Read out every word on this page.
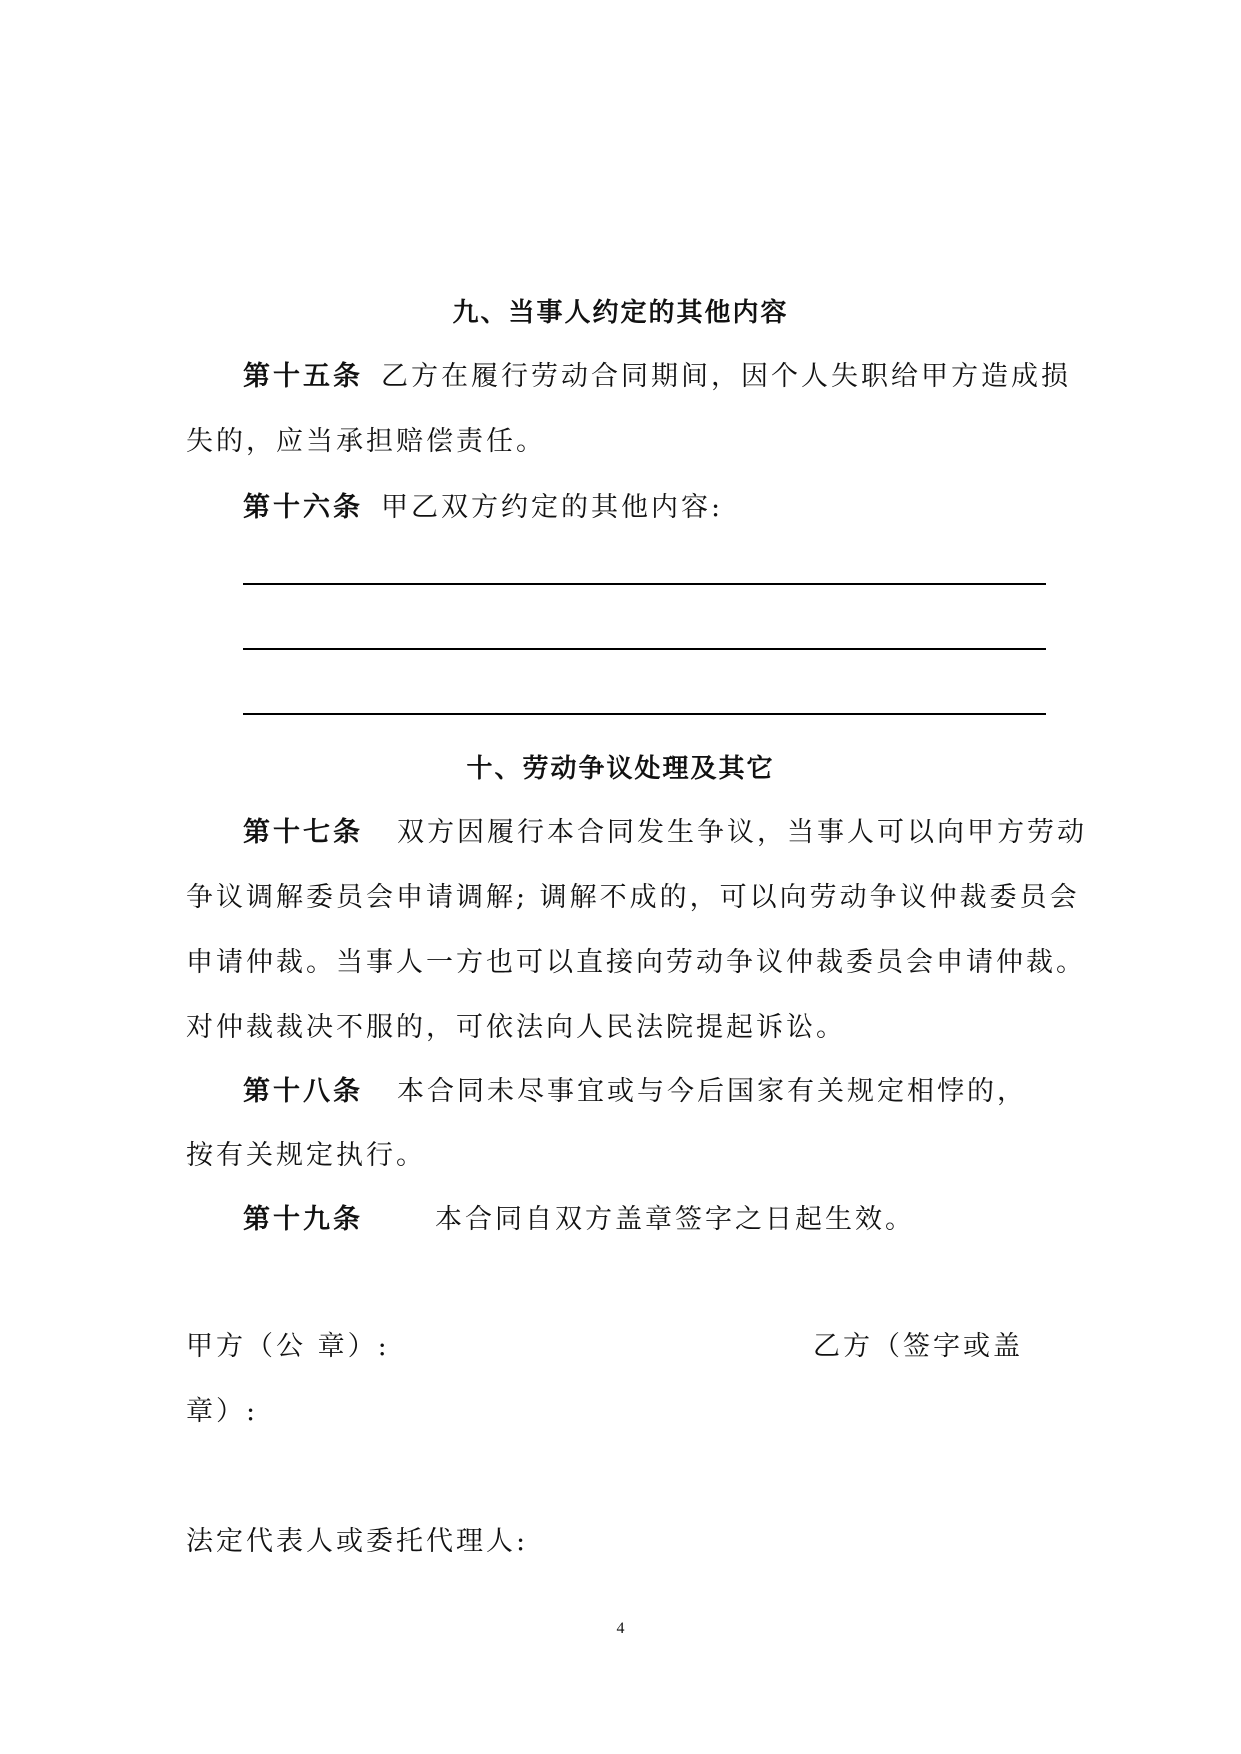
九、当事人约定的其他内容
第十五条 乙方在履行劳动合同期间，因个人失职给甲方造成损
失的，应当承担赔偿责任。
第十六条 甲乙双方约定的其他内容:
十、劳动争议处理及其它
第十七条 双方因履行本合同发生争议，当事人可以向甲方劳动
争议调解委员会申请调解; 调解不成的，可以向劳动争议仲裁委员会
申请仲裁。当事人一方也可以直接向劳动争议仲裁委员会申请仲裁。
对仲裁裁决不服的，可依法向人民法院提起诉讼。
第十八条 本合同未尽事宜或与今后国家有关规定相悖的，
按有关规定执行。
第十九条	本合同自双方盖章签字之日起生效。
甲方（公 章）:	乙方（签字或盖
章）:
法定代表人或委托代理人:
4
